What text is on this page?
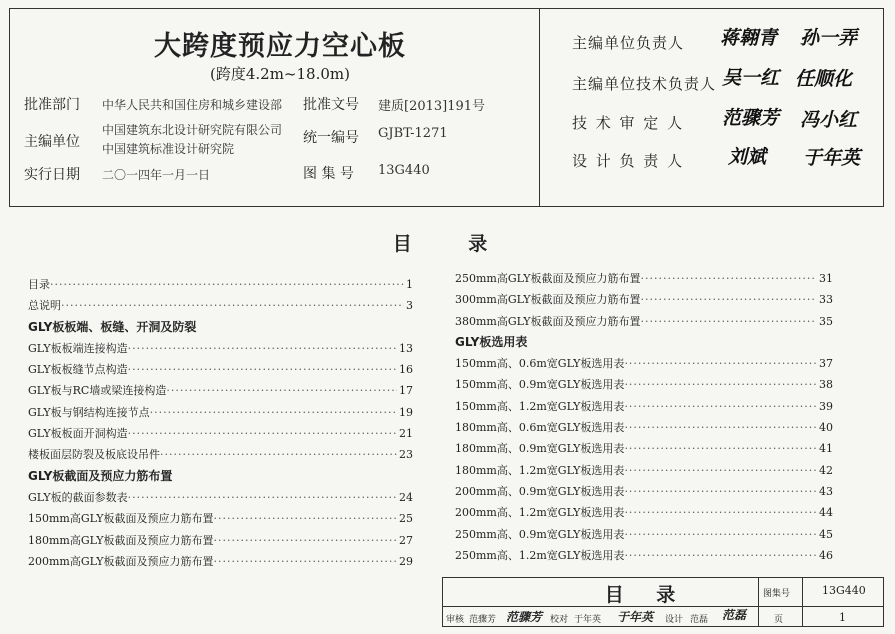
大跨度预应力空心板
(跨度4.2m~18.0m)
批准部门 中华人民共和国住房和城乡建设部 批准文号 建质[2013]191号
主编单位
中国建筑东北设计研究院有限公司
中国建筑标准设计研究院
统一编号 GJBT-1271
实行日期 二〇一四年一月一日	图 集 号 13G440
主编单位负责人 蒋翱青 孙一弄
主编单位技术负责人 吴一红 任顺化
技 术 审 定 人 范骤芳 冯小红
设 计 负 责 人 刘斌 于年英
目 录
目录 ·····	1
总说明 ·····	3
GLY板板端、板缝、开洞及防裂
GLY板板端连接构造 ·····	13
GLY板板缝节点构造 ·····	16
GLY板与RC墙或梁连接构造 ·····	17
GLY板与钢结构连接节点 ·····	19
GLY板板面开洞构造 ·····	21
楼板面层防裂及板底设吊件 ·····	23
GLY板截面及预应力筋布置
GLY板的截面参数表 ·····	24
150mm高GLY板截面及预应力筋布置 ·····	25
180mm高GLY板截面及预应力筋布置 ·····	27
200mm高GLY板截面及预应力筋布置 ·····	29
250mm高GLY板截面及预应力筋布置 ·····	31
300mm高GLY板截面及预应力筋布置 ·····	33
380mm高GLY板截面及预应力筋布置 ·····	35
GLY板选用表
150mm高、0.6m宽GLY板选用表 ·····	37
150mm高、0.9m宽GLY板选用表 ·····	38
150mm高、1.2m宽GLY板选用表 ·····	39
180mm高、0.6m宽GLY板选用表 ·····	40
180mm高、0.9m宽GLY板选用表 ·····	41
180mm高、1.2m宽GLY板选用表 ·····	42
200mm高、0.9m宽GLY板选用表 ·····	43
200mm高、1.2m宽GLY板选用表 ·····	44
250mm高、0.9m宽GLY板选用表 ·····	45
250mm高、1.2m宽GLY板选用表 ·····	46
目 录	图集号	13G440
页	1
审核 范骤芳 范骤芳 校对 于年英 于年英 设计 范磊 范磊
